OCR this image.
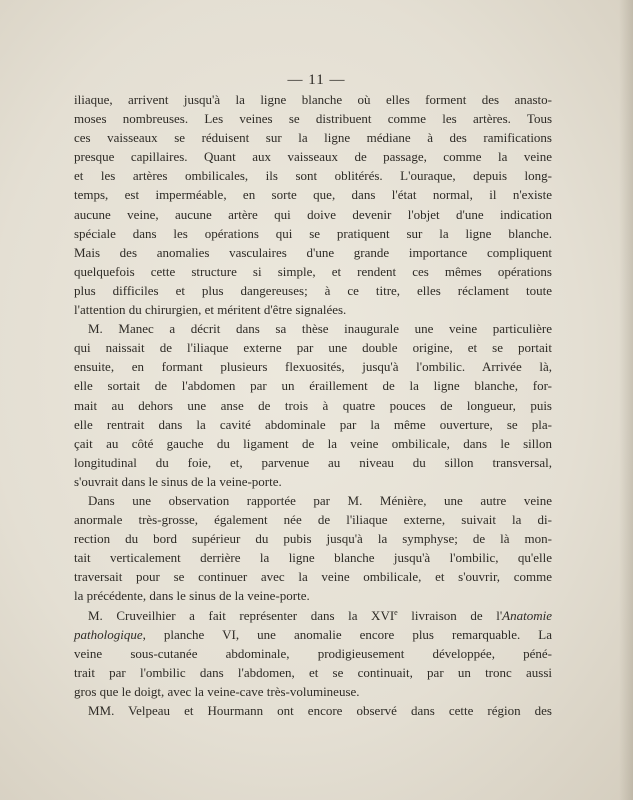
— 11 —

iliaque, arrivent jusqu'à la ligne blanche où elles forment des anasto-
moses nombreuses. Les veines se distribuent comme les artères. Tous
ces vaisseaux se réduisent sur la ligne médiane à des ramifications
presque capillaires. Quant aux vaisseaux de passage, comme la veine
et les artères ombilicales, ils sont oblitérés. L'ouraque, depuis long-
temps, est imperméable, en sorte que, dans l'état normal, il n'existe
aucune veine, aucune artère qui doive devenir l'objet d'une indication
spéciale dans les opérations qui se pratiquent sur la ligne blanche.
Mais des anomalies vasculaires d'une grande importance compliquent
quelquefois cette structure si simple, et rendent ces mêmes opérations
plus difficiles et plus dangereuses; à ce titre, elles réclament toute
l'attention du chirurgien, et méritent d'être signalées.

M. Manec a décrit dans sa thèse inaugurale une veine particulière
qui naissait de l'iliaque externe par une double origine, et se portait
ensuite, en formant plusieurs flexuosités, jusqu'à l'ombilic. Arrivée là,
elle sortait de l'abdomen par un éraillement de la ligne blanche, for-
mait au dehors une anse de trois à quatre pouces de longueur, puis
elle rentrait dans la cavité abdominale par la même ouverture, se pla-
çait au côté gauche du ligament de la veine ombilicale, dans le sillon
longitudinal du foie, et, parvenue au niveau du sillon transversal,
s'ouvrait dans le sinus de la veine-porte.

Dans une observation rapportée par M. Ménière, une autre veine
anormale très-grosse, également née de l'iliaque externe, suivait la di-
rection du bord supérieur du pubis jusqu'à la symphyse; de là mon-
tait verticalement derrière la ligne blanche jusqu'à l'ombilic, qu'elle
traversait pour se continuer avec la veine ombilicale, et s'ouvrir, comme
la précédente, dans le sinus de la veine-porte.

M. Cruveilhier a fait représenter dans la XVIe livraison de l'Anatomie
pathologique, planche VI, une anomalie encore plus remarquable. La
veine sous-cutanée abdominale, prodigieusement développée, péné-
trait par l'ombilic dans l'abdomen, et se continuait, par un tronc aussi
gros que le doigt, avec la veine-cave très-volumineuse.

MM. Velpeau et Hourmann ont encore observé dans cette région des
